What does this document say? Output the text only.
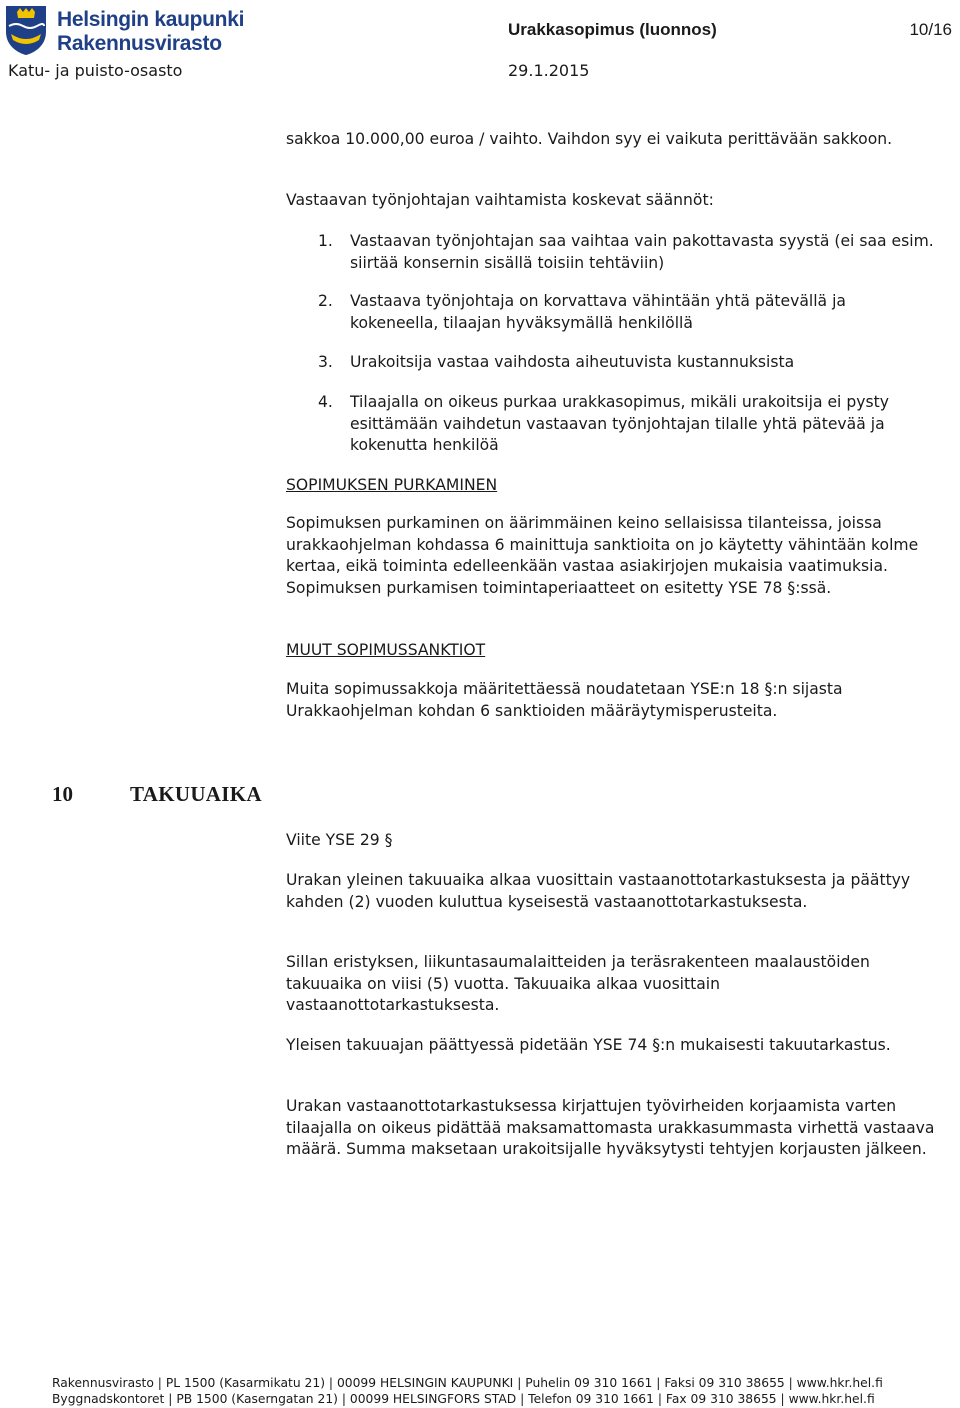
Helsingin kaupunki
Rakennusvirasto
Urakkasopimus (luonnos)	10/16
Katu- ja puisto-osasto	29.1.2015

sakkoa 10.000,00 euroa / vaihto. Vaihdon syy ei vaikuta perittävään sakkoon.

Vastaavan työnjohtajan vaihtamista koskevat säännöt:

1. Vastaavan työnjohtajan saa vaihtaa vain pakottavasta syystä (ei saa esim. siirtää konsernin sisällä toisiin tehtäviin)
2. Vastaava työnjohtaja on korvattava vähintään yhtä pätevällä ja kokeneella, tilaajan hyväksymällä henkilöllä
3. Urakoitsija vastaa vaihdosta aiheutuvista kustannuksista
4. Tilaajalla on oikeus purkaa urakkasopimus, mikäli urakoitsija ei pysty esittämään vaihdetun vastaavan työnjohtajan tilalle yhtä pätevää ja kokenutta henkilöä

SOPIMUKSEN PURKAMINEN

Sopimuksen purkaminen on äärimmäinen keino sellaisissa tilanteissa, joissa urakkaohjelman kohdassa 6 mainittuja sanktioita on jo käytetty vähintään kolme kertaa, eikä toiminta edelleenkään vastaa asiakirjojen mukaisia vaatimuksia. Sopimuksen purkamisen toimintaperiaatteet on esitetty YSE 78 §:ssä.

MUUT SOPIMUSSANKTIOT

Muita sopimussakkoja määritettäessä noudatetaan YSE:n 18 §:n sijasta Urakkaohjelman kohdan 6 sanktioiden määräytymisperusteita.

10	TAKUUAIKA

Viite YSE 29 §

Urakan yleinen takuuaika alkaa vuosittain vastaanottotarkastuksesta ja päättyy kahden (2) vuoden kuluttua kyseisestä vastaanottotarkastuksesta.

Sillan eristyksen, liikuntasaumalaitteiden ja teräsrakenteen maalaustöiden takuuaika on viisi (5) vuotta. Takuuaika alkaa vuosittain vastaanottotarkastuksesta.

Yleisen takuuajan päättyessä pidetään YSE 74 §:n mukaisesti takuutarkastus.

Urakan vastaanottotarkastuksessa kirjattujen työvirheiden korjaamista varten tilaajalla on oikeus pidättää maksamattomasta urakkasummasta virhettä vastaava määrä. Summa maksetaan urakoitsijalle hyväksytysti tehtyjen korjausten jälkeen.

Rakennusvirasto | PL 1500 (Kasarmikatu 21) | 00099 HELSINGIN KAUPUNKI | Puhelin 09 310 1661 | Faksi 09 310 38655 | www.hkr.hel.fi
Byggnadskontoret | PB 1500 (Kaserngatan 21) | 00099 HELSINGFORS STAD | Telefon 09 310 1661 | Fax 09 310 38655 | www.hkr.hel.fi
